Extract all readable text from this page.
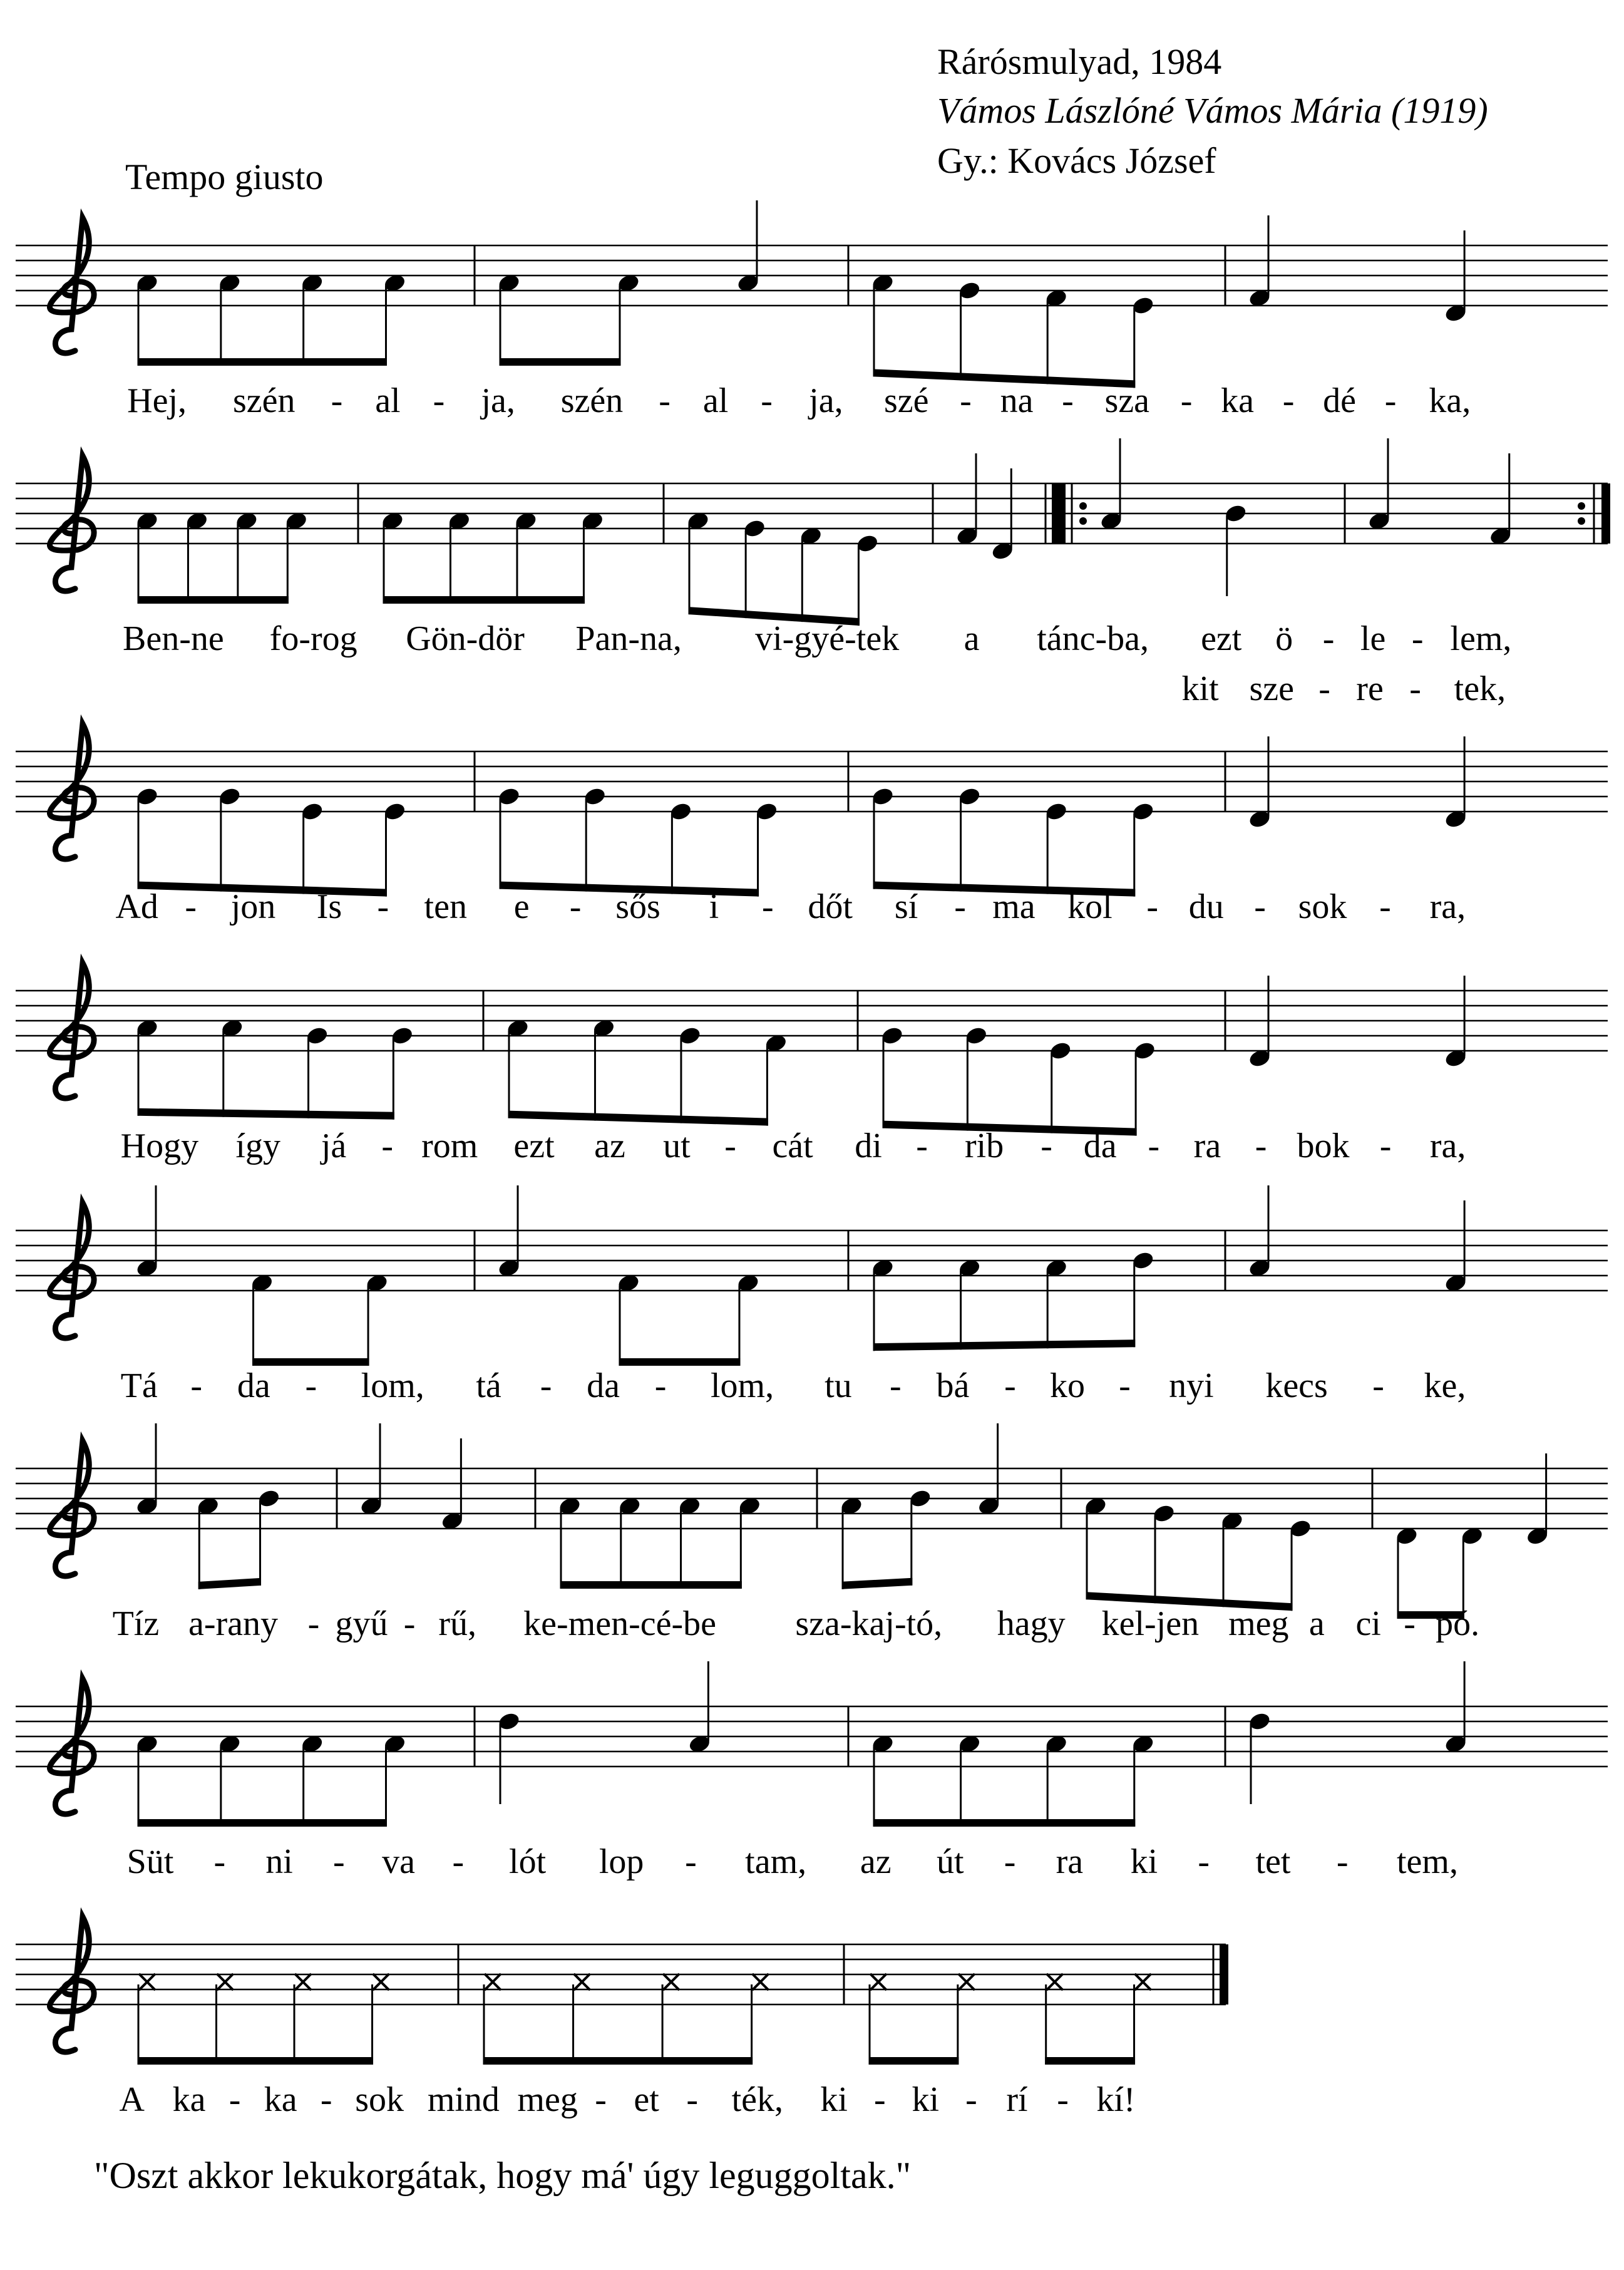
Rárósmulyad, 1984
Vámos Lászlóné Vámos Mária (1919)
Gy.: Kovács József
Tempo giusto
Hej, szén - al - ja, szén - al - ja, szé - na - sza - ka - dé - ka,
Ben-ne fo-rog Gön-dör Pan-na, vi-gyé-tek a tánc-ba, ezt ö - le - lem,
kit sze - re - tek,
Ad - jon Is - ten e - sős i - dőt sí - ma kol - du - sok - ra,
Hogy így já - rom ezt az ut - cát di - rib - da - ra - bok - ra,
Tá - da - lom, tá - da - lom, tu - bá - ko - nyi kecs - ke,
Tíz a-rany - gyű - rű, ke-men-cé-be sza-kaj-tó, hagy kel-jen meg a ci - pó.
Süt - ni - va - lót lop - tam, az út - ra ki - tet - tem,
A ka - ka - sok mind meg - et - ték, ki - ki - rí - kí!
"Oszt akkor lekukorgátak, hogy má' úgy leguggoltak."
